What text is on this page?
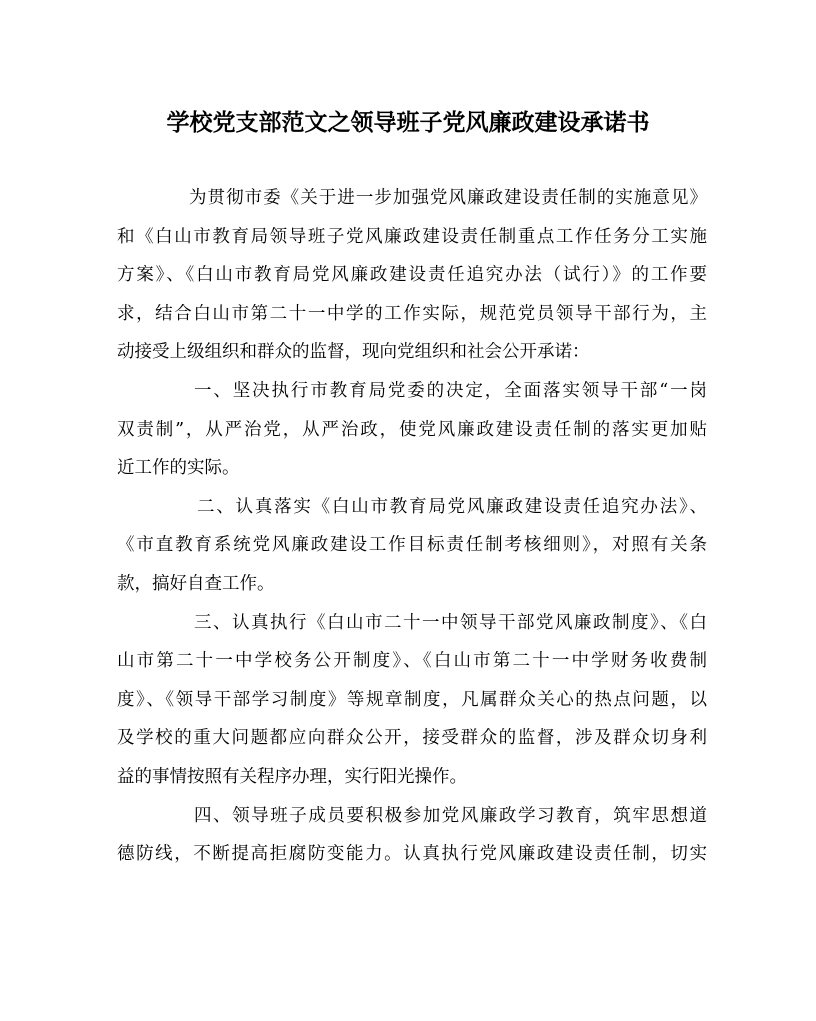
学校党支部范文之领导班子党风廉政建设承诺书
为贯彻市委《关于进一步加强党风廉政建设责任制的实施意见》
和《白山市教育局领导班子党风廉政建设责任制重点工作任务分工实施
方案》、《白山市教育局党风廉政建设责任追究办法（试行）》的工作要
求，结合白山市第二十一中学的工作实际，规范党员领导干部行为，主
动接受上级组织和群众的监督，现向党组织和社会公开承诺：
一、坚决执行市教育局党委的决定，全面落实领导干部“一岗
双责制”，从严治党，从严治政，使党风廉政建设责任制的落实更加贴
近工作的实际。
二、认真落实《白山市教育局党风廉政建设责任追究办法》、
《市直教育系统党风廉政建设工作目标责任制考核细则》，对照有关条
款，搞好自查工作。
三、认真执行《白山市二十一中领导干部党风廉政制度》、《白
山市第二十一中学校务公开制度》、《白山市第二十一中学财务收费制
度》、《领导干部学习制度》等规章制度，凡属群众关心的热点问题，以
及学校的重大问题都应向群众公开，接受群众的监督，涉及群众切身利
益的事情按照有关程序办理，实行阳光操作。
四、领导班子成员要积极参加党风廉政学习教育，筑牢思想道
德防线，不断提高拒腐防变能力。认真执行党风廉政建设责任制，切实
